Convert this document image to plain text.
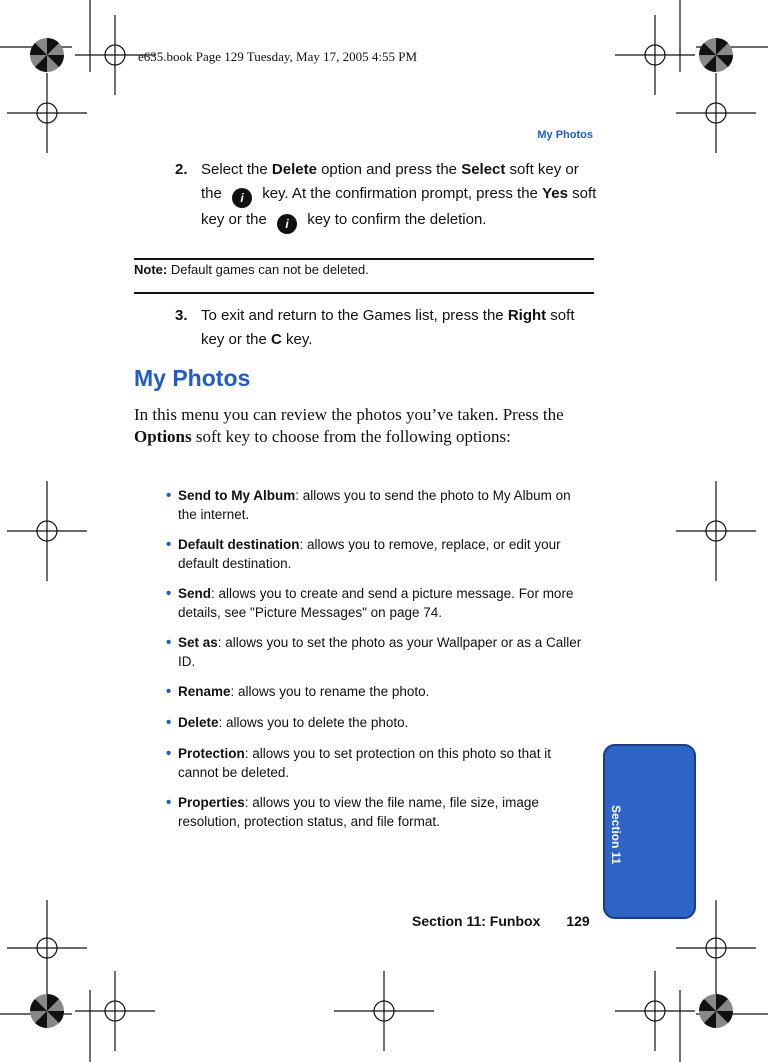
e635.book Page 129 Tuesday, May 17, 2005 4:55 PM
My Photos
2. Select the Delete option and press the Select soft key or the i key. At the confirmation prompt, press the Yes soft key or the i key to confirm the deletion.
Note: Default games can not be deleted.
3. To exit and return to the Games list, press the Right soft key or the C key.
My Photos
In this menu you can review the photos you’ve taken. Press the Options soft key to choose from the following options:
• Send to My Album: allows you to send the photo to My Album on the internet.
• Default destination: allows you to remove, replace, or edit your default destination.
• Send: allows you to create and send a picture message. For more details, see "Picture Messages" on page 74.
• Set as: allows you to set the photo as your Wallpaper or as a Caller ID.
• Rename: allows you to rename the photo.
• Delete: allows you to delete the photo.
• Protection: allows you to set protection on this photo so that it cannot be deleted.
• Properties: allows you to view the file name, file size, image resolution, protection status, and file format.	Section 11
Section 11: Funbox 129
